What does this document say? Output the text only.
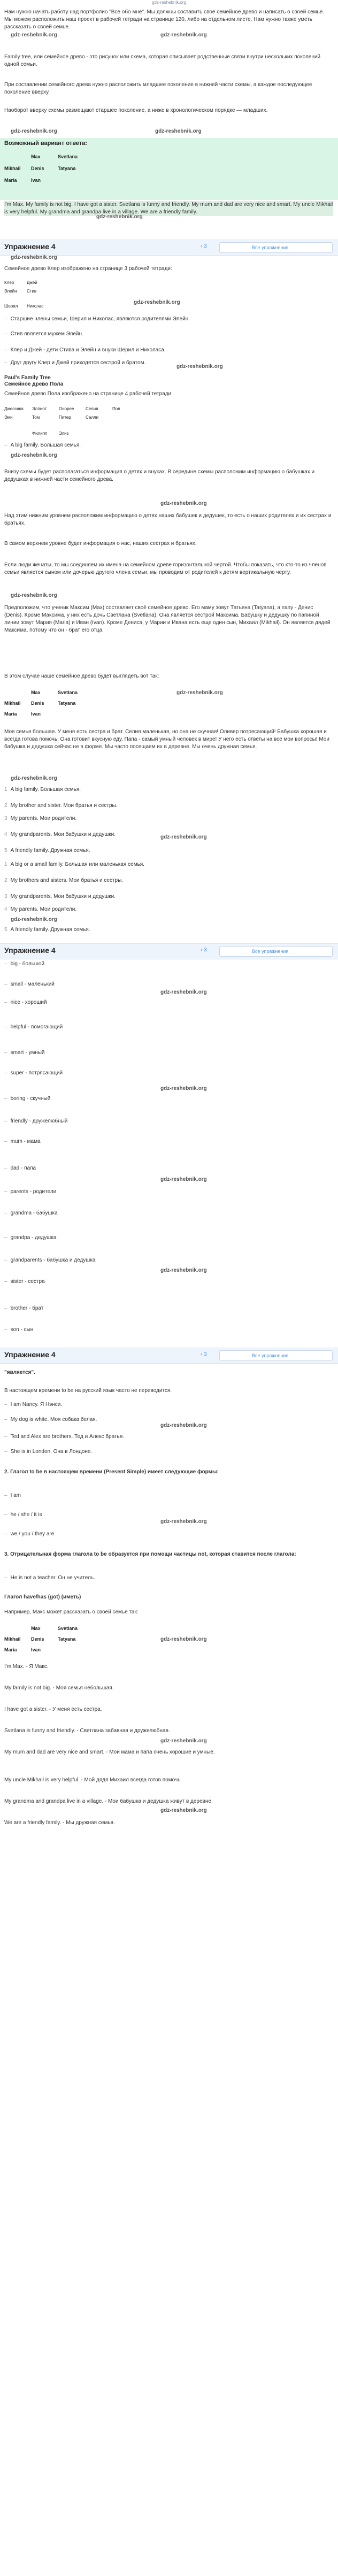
gdz-reshebnik.org
Нам нужно начать работу над портфолио "Все обо мне". Мы должны составить своё семейное древо и написать о своей семье. Мы можем расположить наш проект в рабочей тетради на странице 120, либо на отдельном листе. Нам нужно также уметь рассказать о своей семье.
Family tree, или семейное древо - это рисунок или схема, которая описывает родственные связи внутри нескольких поколений одной семьи.
При составлении семейного древа нужно расположить младшее поколение в нижней части схемы, а каждое последующее поколение вверху.
Наоборот вверху схемы размещают старшее поколение, а ниже в хронологическом порядке — младших.
Возможный вариант ответа:
Max	Svetlana
Mikhail Denis	Tatyana
Maria	Ivan
I'm Max. My family is not big. I have got a sister. Svetlana is funny and friendly. My mum and dad are very nice and smart. My uncle Mikhail is very helpful. My grandma and grandpa live in a village. We are a friendly family.
Упражнение 4	‹ 3	Все упражнения
Семейное древо Клер изображено на странице 3 рабочей тетради:
Клер	Джей
Элейн Стив
Шерил Николас
– Старшие члены семьи, Шерил и Николас, являются родителями Элейн.
– Стив является мужем Элейн.
– Клер и Джей - дети Стива и Элейн и внуки Шерил и Николаса.
– Друг другу Клер и Джей приходятся сестрой и братом.
Paul's Family Tree
Семейное древо Пола
Семейное древо Пола изображено на странице 4 рабочей тетради:
Джессика Эллиот	Онорее	Селия	Пол
Эми	Том	Питер	Салли
Филипп	Элиз
– A big family. Большая семья.
Внизу схемы будет располагаться информация о детях и внуках. В середине схемы расположим информацию о бабушках и дедушках в нижней части семейного древа.
Над этим нижним уровнем расположим информацию о детях наших бабушек и дедушек, то есть о наших родителях и их сестрах и братьях.
В самом верхнем уровне будет информация о нас, наших сестрах и братьях.
Если люди женаты, то мы соединяем их имена на семейном древе горизонтальной чертой. Чтобы показать, что кто-то из членов семьи является сыном или дочерью другого члена семьи, мы проводим от родителей к детям вертикальную черту.
Предположим, что ученик Максим (Max) составляет своё семейное древо. Его маму зовут Татьяна (Tatyana), а папу - Денис (Denis). Кроме Максима, у них есть дочь Светлана (Svetlana). Она является сестрой Максима. Бабушку и дедушку по папиной линии зовут Мария (Maria) и Иван (Ivan). Кроме Дениса, у Марии и Ивана есть еще один сын, Михаил (Mikhail). Он является дядей Максима, потому что он - брат его отца.
В этом случае наше семейное древо будет выглядеть вот так:
Max	Svetlana
Mikhail Denis	Tatyana
Maria	Ivan
Моя семья большая. У меня есть сестра и брат. Селия маленькая, но она не скучная! Оливер потрясающий! Бабушка хорошая и всегда готова помочь. Она готовит вкусную еду. Папа - самый умный человек в мире! У него есть ответы на все мои вопросы! Мои бабушка и дедушка сейчас не в форме. Мы часто посещаем их в деревне. Мы очень дружная семья.
1 A big family. Большая семья.
2 My brother and sister. Мои братья и сестры.
3 My parents. Мои родители.
4 My grandparents. Мои бабушки и дедушки.
5 A friendly family. Дружная семья.
1 A big or a small family. Большая или маленькая семья.
2 My brothers and sisters. Мои братья и сестры.
3 My grandparents. Мои бабушки и дедушки.
4 My parents. Мои родители.
5 A friendly family. Дружная семья.
Упражнение 4	‹ 3	Все упражнения
– big - большой
– small - маленький
– nice - хороший
– helpful - помогающий
– smart - умный
– super - потрясающий
– boring - скучный
– friendly - дружелюбный
– mum - мама
– dad - папа
– parents - родители
– grandma - бабушка
– grandpa - дедушка
– grandparents - бабушка и дедушка
– sister - сестра
– brother - брат
– son - сын
Упражнение 4	‹ 3	Все упражнения
"является".
В настоящем времени to be на русский язык часто не переводится.
– I am Nancy. Я Нэнси.
– My dog is white. Моя собака белая.
– Ted and Alex are brothers. Тед и Алекс братья.
– She is in London. Она в Лондоне.
2. Глагол to be в настоящем времени (Present Simple) имеет следующие формы:
– I am
– he / she / it is
– we / you / they are
3. Отрицательная форма глагола to be образуется при помощи частицы not, которая ставится после глагола:
– He is not a teacher. Он не учитель.
Глагол have/has (got) (иметь)
Например, Макс может рассказать о своей семье так:
Max	Svetlana
Mikhail Denis	Tatyana
Maria	Ivan
I'm Max. - Я Макс.
My family is not big. - Моя семья небольшая.
I have got a sister. - У меня есть сестра.
Svetlana is funny and friendly. - Светлана забавная и дружелюбная.
My mum and dad are very nice and smart. - Мои мама и папа очень хорошие и умные.
My uncle Mikhail is very helpful. - Мой дядя Михаил всегда готов помочь.
My grandma and grandpa live in a village. - Мои бабушка и дедушка живут в деревне.
We are a friendly family. - Мы дружная семья.
gdz-reshebnik.org	gdz-reshebnik.org
gdz-reshebnik.org	gdz-reshebnik.org
gdz-reshebnik.org
gdz-reshebnik.org
gdz-reshebnik.org
gdz-reshebnik.org
gdz-reshebnik.org
gdz-reshebnik.org
gdz-reshebnik.org
gdz-reshebnik.org
gdz-reshebnik.org
gdz-reshebnik.org
gdz-reshebnik.org
gdz-reshebnik.org
gdz-reshebnik.org
gdz-reshebnik.org
gdz-reshebnik.org
gdz-reshebnik.org
gdz-reshebnik.org
gdz-reshebnik.org
gdz-reshebnik.org
gdz-reshebnik.org
